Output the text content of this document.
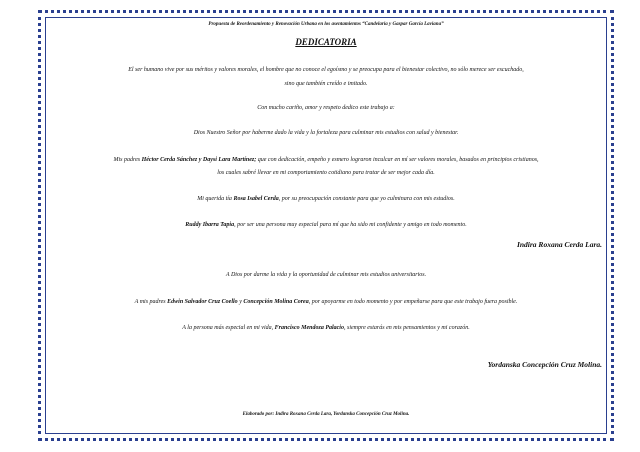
Propuesta de Reordenamiento y Renovación Urbana en los asentamientos “Candelaria y Gaspar García Laviana”
DEDICATORIA
El ser humano vive por sus méritos y valores morales, el hombre que no conoce el egoísmo y se preocupa para el bienestar colectivo, no sólo merece ser escuchado,
sino que también creído e imitado.
Con mucho cariño, amor y respeto dedico este trabajo a:
Dios Nuestro Señor por haberme dado la vida y la fortaleza para culminar mis estudios con salud y bienestar.
Mis padres Héctor Cerda Sánchez y Daysi Lara Martínez; que con dedicación, empeño y esmero lograron inculcar en mí ser valores morales, basados en principios cristianos,
los cuales sabré llevar en mi comportamiento cotidiano para tratar de ser mejor cada día.
Mi querida tía Rosa Isabel Cerda, por su preocupación constante para que yo culminara con mis estudios.
Ruddy Ibarra Tapia, por ser una persona muy especial para mí que ha sido mi confidente y amigo en todo momento.
Indira Roxana Cerda Lara.
A Dios por darme la vida y la oportunidad de culminar mis estudios universitarios.
A mis padres Edwin Salvador Cruz Coello y Concepción Molina Corea, por apoyarme en todo momento y por empeñarse para que este trabajo fuera posible.
A la persona más especial en mi vida, Francisco Mendoza Palacio, siempre estarás en mis pensamientos y mi corazón.
Yordanska Concepción Cruz Molina.
Elaborado por: Indira Roxana Cerda Lara, Yordanska Concepción Cruz Molina.
